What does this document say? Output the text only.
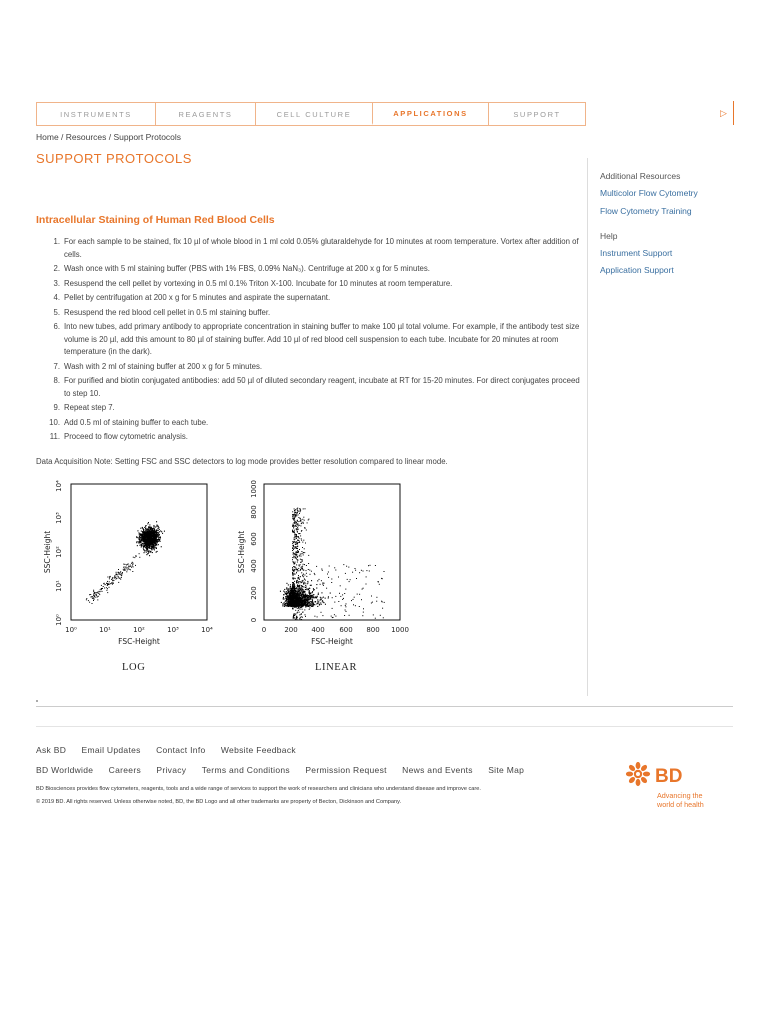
INSTRUMENTS	REAGENTS	CELL CULTURE	APPLICATIONS	SUPPORT	▷
Home / Resources / Support Protocols
SUPPORT PROTOCOLS
Additional Resources
Multicolor Flow Cytometry
Flow Cytometry Training
Help
Instrument Support
Application Support
Intracellular Staining of Human Red Blood Cells
1. For each sample to be stained, fix 10 µl of whole blood in 1 ml cold 0.05% glutaraldehyde for 10 minutes at room temperature. Vortex after addition of cells.
2. Wash once with 5 ml staining buffer (PBS with 1% FBS, 0.09% NaN₃). Centrifuge at 200 x g for 5 minutes.
3. Resuspend the cell pellet by vortexing in 0.5 ml 0.1% Triton X-100. Incubate for 10 minutes at room temperature.
4. Pellet by centrifugation at 200 x g for 5 minutes and aspirate the supernatant.
5. Resuspend the red blood cell pellet in 0.5 ml staining buffer.
6. Into new tubes, add primary antibody to appropriate concentration in staining buffer to make 100 µl total volume. For example, if the antibody test size volume is 20 µl, add this amount to 80 µl of staining buffer. Add 10 µl of red blood cell suspension to each tube. Incubate for 20 minutes at room temperature (in the dark).
7. Wash with 2 ml of staining buffer at 200 x g for 5 minutes.
8. For purified and biotin conjugated antibodies: add 50 µl of diluted secondary reagent, incubate at RT for 15-20 minutes. For direct conjugates proceed to step 10.
9. Repeat step 7.
10. Add 0.5 ml of staining buffer to each tube.
11. Proceed to flow cytometric analysis.
Data Acquisition Note: Setting FSC and SSC detectors to log mode provides better resolution compared to linear mode.
10⁰	10¹	10²	10³	10⁴
10⁰
10¹
10²
10³
10⁴
FSC-Height
SSC-Height
LOG
0	200 400 600 800 1000
0
200
400
600
800
1000
FSC-Height
SSC-Height
LINEAR
Ask BD Email Updates Contact Info Website Feedback
BD Worldwide Careers Privacy Terms and Conditions Permission Request News and Events Site Map
BD Biosciences provides flow cytometers, reagents, tools and a wide range of services to support the work of researchers and clinicians who understand disease and improve care.
© 2019 BD. All rights reserved. Unless otherwise noted, BD, the BD Logo and all other trademarks are property of Becton, Dickinson and Company.
BD
Advancing the
world of health
